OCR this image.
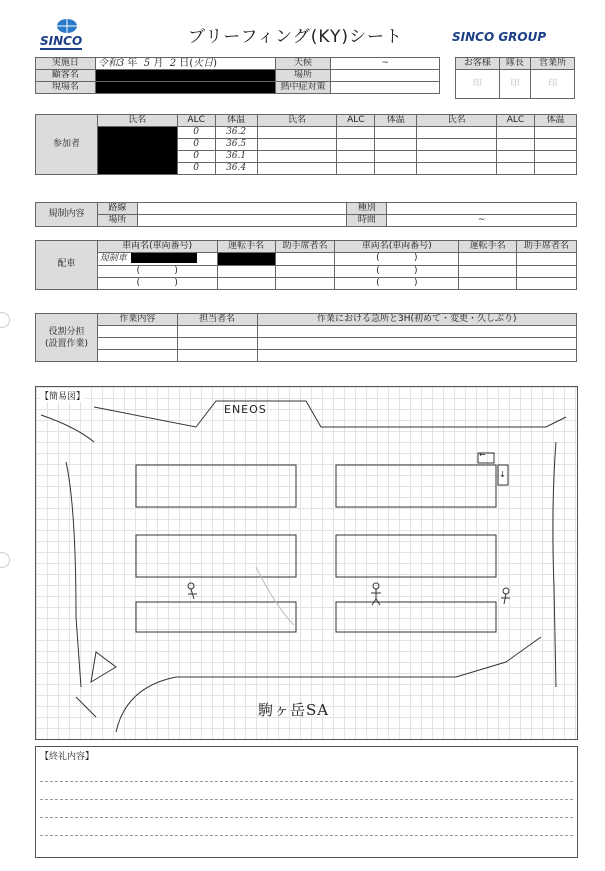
SINCO	ブリーフィング(KY)シート	SINCO GROUP
実施日	令和3 年 5 月 2 日(火日)	天候	~
顧客名		場所	
現場名		熱中症対策	
お客様	隊長	営業所
印	印	印
参加者	氏名	ALC	体温	氏名	ALC	体温	氏名	ALC	体温
		0	36.2						
		0	36.5						
		0	36.1						
		0	36.4						
規制内容	路線		種別	
	場所		時間	~
配車	車両名(車両番号)	運転手名	助手席者名	車両名(車両番号)	運転手名	助手席者名
	規制車			( )		
	( )			( )		
	( )			( )		
役割分担
(設置作業)	作業内容	担当者名	作業における急所と3H(初めて・変更・久しぶり)

【簡易図】
ENEOS
←
↓
駒ヶ岳SA
【終礼内容】
